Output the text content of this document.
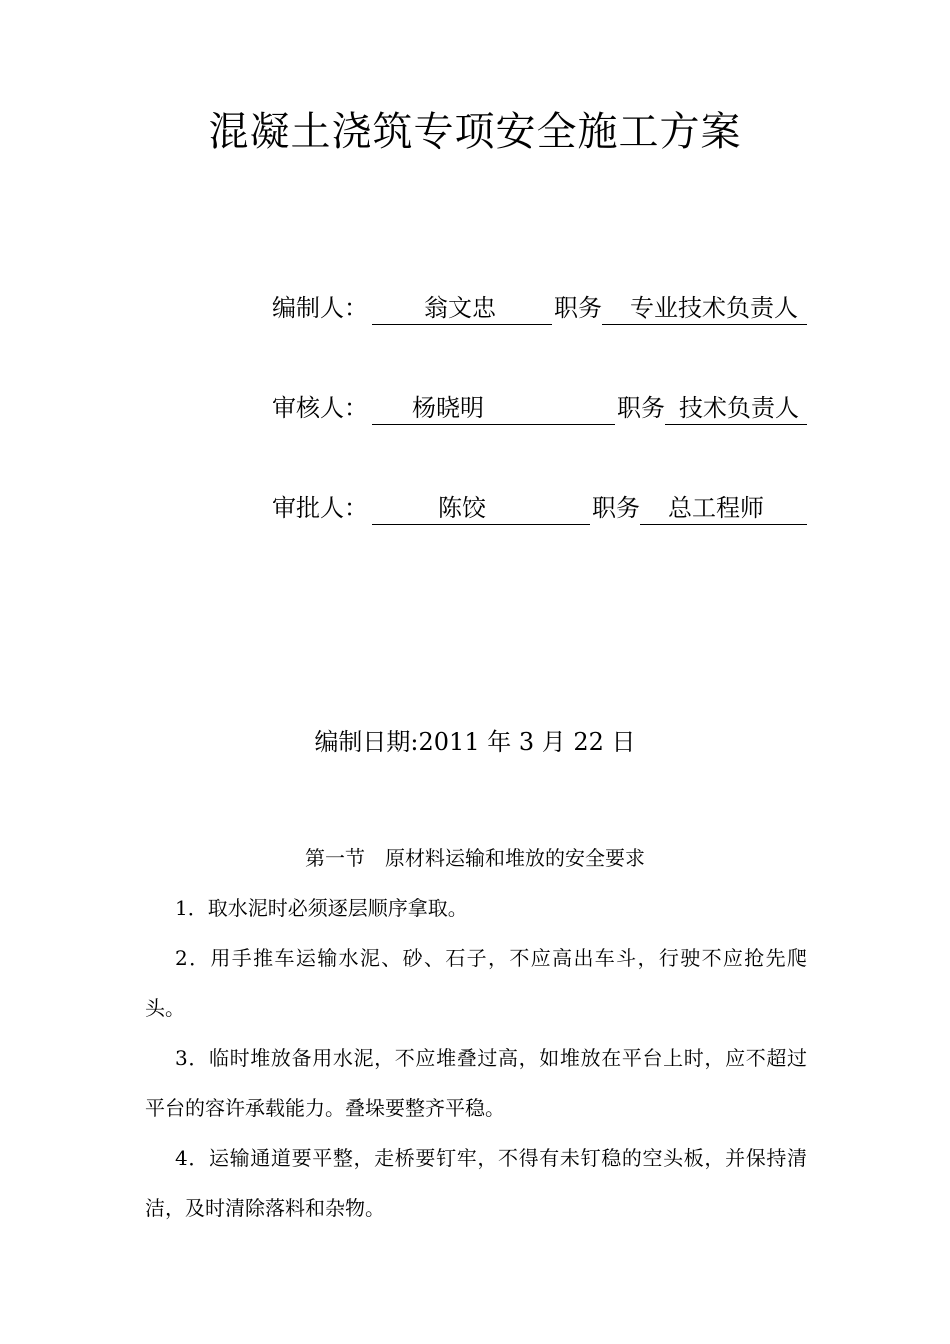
混凝土浇筑专项安全施工方案
编制人： 翁文忠 职务 专业技术负责人
审核人： 杨晓明	职务 技术负责人
审批人：	陈饺	职务 总工程师
编制日期:2011 年 3 月 22 日
第一节　原材料运输和堆放的安全要求

1．取水泥时必须逐层顺序拿取。

2．用手推车运输水泥、砂、石子，不应高出车斗，行驶不应抢先爬头。

3．临时堆放备用水泥，不应堆叠过高，如堆放在平台上时，应不超过平台的容许承载能力。叠垛要整齐平稳。

4．运输通道要平整，走桥要钉牢，不得有未钉稳的空头板，并保持清洁，及时清除落料和杂物。
